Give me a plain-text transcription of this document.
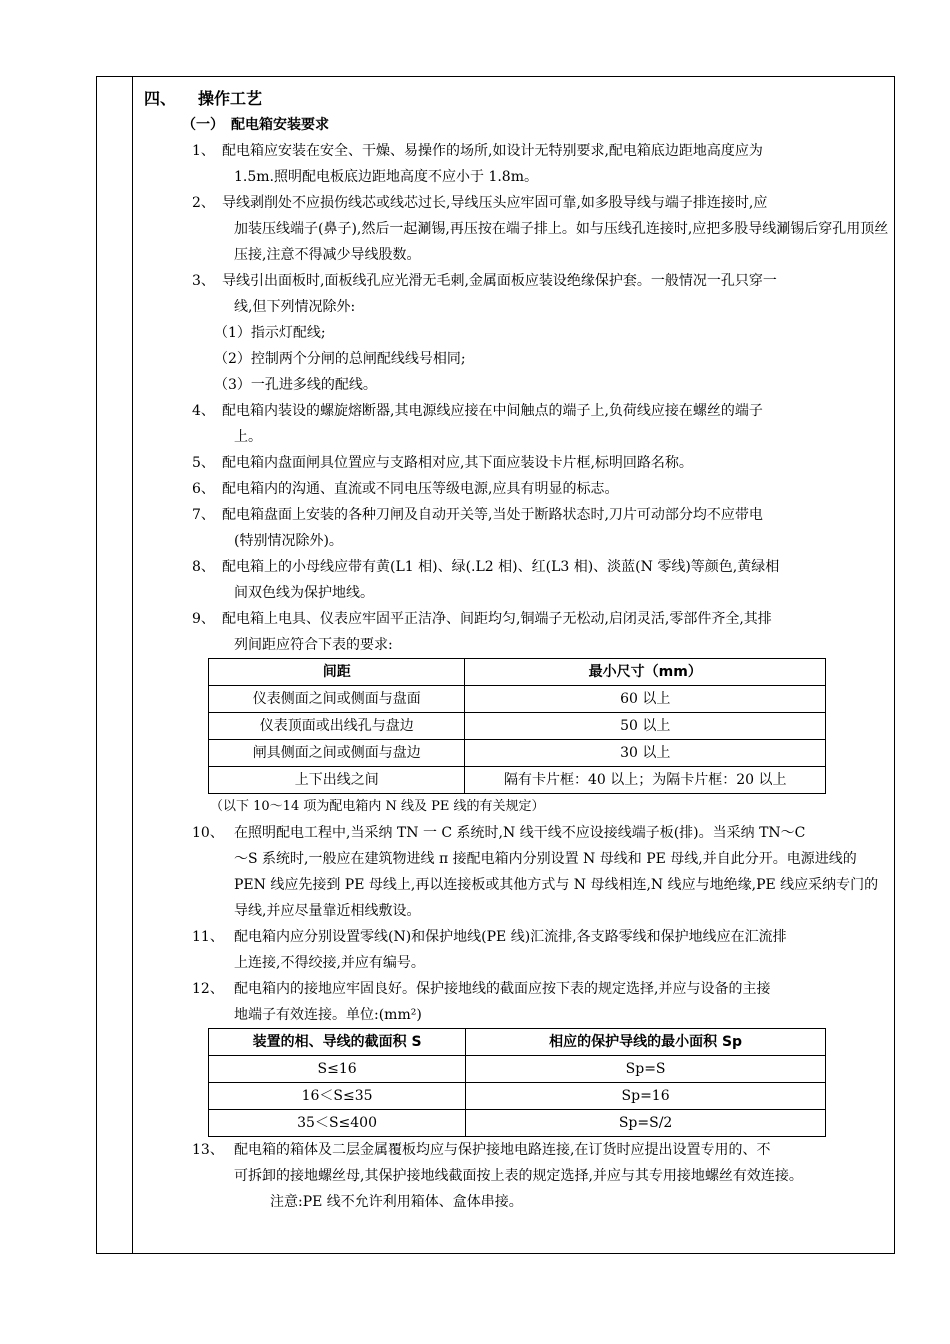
四、 操作工艺
（一）　配电箱安装要求
1、 配电箱应安装在安全、干燥、易操作的场所,如设计无特别要求,配电箱底边距地高度应为
1.5m.照明配电板底边距地高度不应小于 1.8m。
2、 导线剥削处不应损伤线芯或线芯过长,导线压头应牢固可靠,如多股导线与端子排连接时,应
加装压线端子(鼻子),然后一起涮锡,再压按在端子排上。如与压线孔连接时,应把多股导线涮锡后穿孔用顶丝压接,注意不得减少导线股数。
3、 导线引出面板时,面板线孔应光滑无毛刺,金属面板应装设绝缘保护套。一般情况一孔只穿一
线,但下列情况除外:
（1）指示灯配线;
（2）控制两个分闸的总闸配线线号相同;
（3）一孔进多线的配线。
4、 配电箱内装设的螺旋熔断器,其电源线应接在中间触点的端子上,负荷线应接在螺丝的端子
上。
5、 配电箱内盘面闸具位置应与支路相对应,其下面应装设卡片框,标明回路名称。
6、 配电箱内的沟通、直流或不同电压等级电源,应具有明显的标志。
7、 配电箱盘面上安装的各种刀闸及自动开关等,当处于断路状态时,刀片可动部分均不应带电
(特别情况除外)。
8、 配电箱上的小母线应带有黄(L1 相)、绿(.L2 相)、红(L3 相)、淡蓝(N 零线)等颜色,黄绿相
间双色线为保护地线。
9、 配电箱上电具、仪表应牢固平正洁净、间距均匀,铜端子无松动,启闭灵活,零部件齐全,其排
列间距应符合下表的要求:
间距	最小尺寸（mm）
仪表侧面之间或侧面与盘面	60 以上
仪表顶面或出线孔与盘边	50 以上
闸具侧面之间或侧面与盘边	30 以上
上下出线之间	隔有卡片框：40 以上；为隔卡片框：20 以上
（以下 10～14 项为配电箱内 N 线及 PE 线的有关规定）
10、 在照明配电工程中,当采纳 TN 一 C 系统时,N 线干线不应设接线端子板(排)。当采纳 TN～C
～S 系统时,一般应在建筑物进线 π 接配电箱内分别设置 N 母线和 PE 母线,并自此分开。电源进线的 PEN 线应先接到 PE 母线上,再以连接板或其他方式与 N 母线相连,N 线应与地绝缘,PE 线应采纳专门的导线,并应尽量靠近相线敷设。
11、 配电箱内应分别设置零线(N)和保护地线(PE 线)汇流排,各支路零线和保护地线应在汇流排
上连接,不得绞接,并应有编号。
12、 配电箱内的接地应牢固良好。保护接地线的截面应按下表的规定选择,并应与设备的主接
地端子有效连接。单位:(mm²)
装置的相、导线的截面积 S	相应的保护导线的最小面积 Sp
S≤16	Sp=S
16＜S≤35	Sp=16
35＜S≤400	Sp=S/2
13、 配电箱的箱体及二层金属覆板均应与保护接地电路连接,在订货时应提出设置专用的、不
可拆卸的接地螺丝母,其保护接地线截面按上表的规定选择,并应与其专用接地螺丝有效连接。
注意:PE 线不允许利用箱体、盒体串接。
